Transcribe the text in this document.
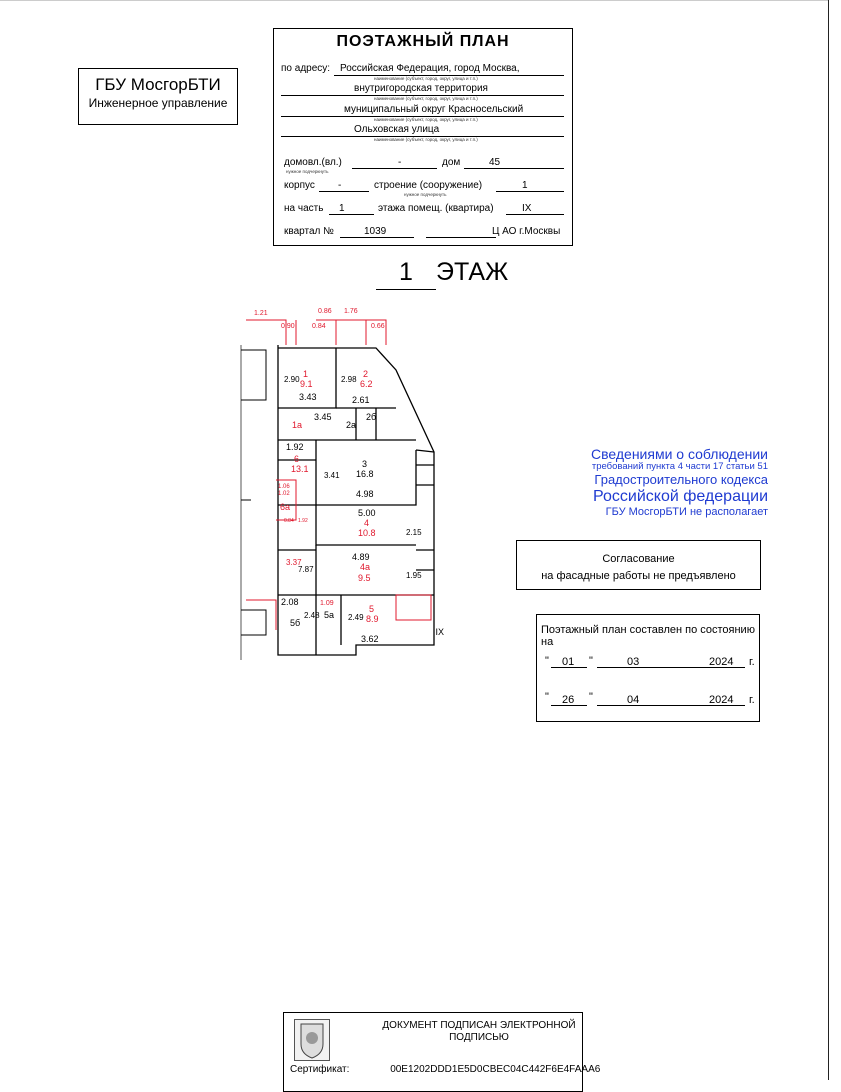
ГБУ МосгорБТИ
Инженерное управление
ПОЭТАЖНЫЙ ПЛАН
по адресу: Российская Федерация, город Москва,
наименование (субъект, город, округ, улица и т.п.)
внутригородская территория
наименование (субъект, город, округ, улица и т.п.)
муниципальный округ Красносельский
наименование (субъект, город, округ, улица и т.п.)
Ольховская улица
наименование (субъект, город, округ, улица и т.п.)
домовл.(вл.)	-	дом	45
нужное подчеркнуть
корпус -	строение (сооружение)	1
нужное подчеркнуть
на часть 1	этажа помещ. (квартира)	IX
квартал №	1039	Ц АО г.Москвы
1 ЭТАЖ
1.21
0.90
0.86
0.84
1.76
0.66
1
9.1
3.43
2.90
2
6.2
2.61
2.98
1а
3.45
2а
2б
1.92
6
13.1	3
16.8
4.98
3.41
1.06
1.02
6а
0.84 1.92
5.00
4
10.8	2.15
4.89
4а
9.5	1.95
3.37
7.87
2.08
5б
2.48
1.09
5а
5
8.9
3.62
2.49
IX
Сведениями о соблюдении
требований пункта 4 части 17 статьи 51
Градостроительного кодекса
Российской федерации
ГБУ МосгорБТИ не располагает
Согласование
на фасадные работы не предъявлено
Поэтажный план составлен по состоянию на
" 01 "	03	2024 г.
" 26 "	04	2024 г.
ДОКУМЕНТ ПОДПИСАН ЭЛЕКТРОННОЙ ПОДПИСЬЮ
Сертификат:	00E1202DDD1E5D0CBEC04C442F6E4FAAA6
